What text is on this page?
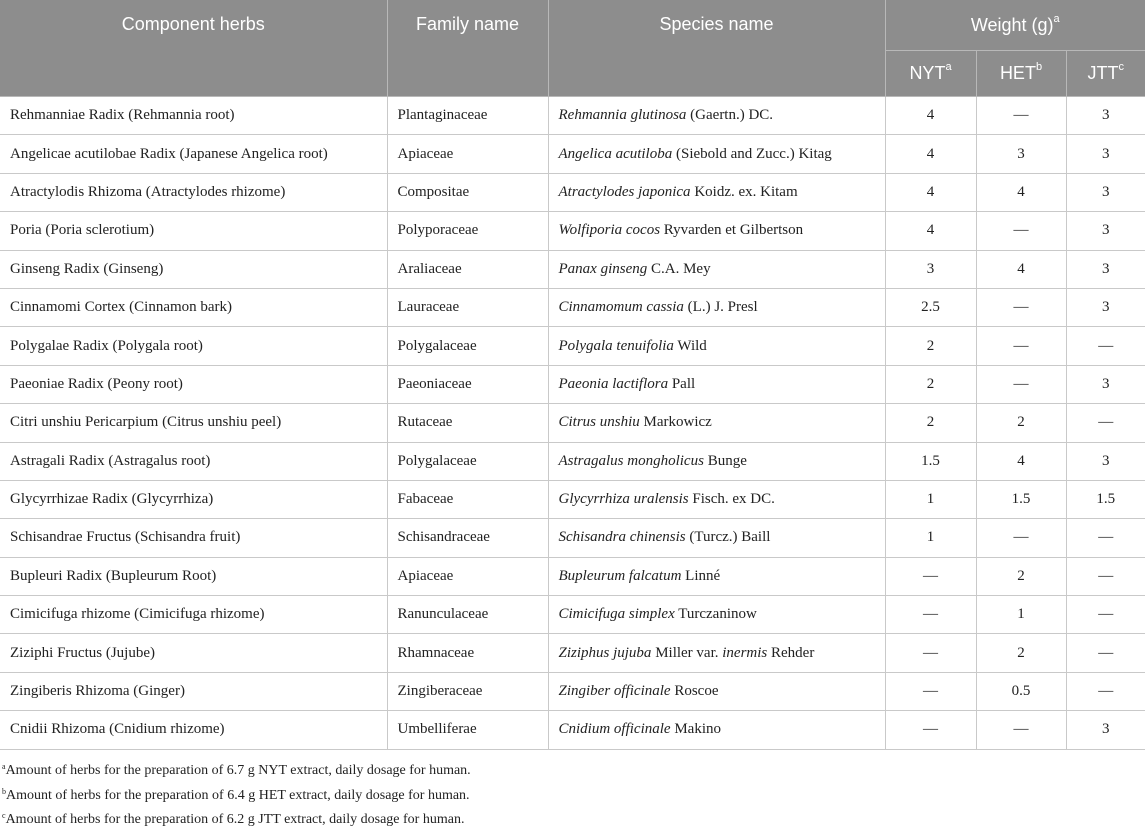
Component herbs	Family name	Species name	Weight $(g)^a$
			NYT$^a$	HET$^b$	JTT$^c$
Rehmanniae Radix (Rehmannia root)	Plantaginaceae	Rehmannia glutinosa (Gaertn.) DC.	4	—	3
Angelicae acutilobae Radix (Japanese Angelica root)	Apiaceae	Angelica acutiloba (Siebold and Zucc.) Kitag	4	3	3
Atractylodis Rhizoma (Atractylodes rhizome)	Compositae	Atractylodes japonica Koidz. ex. Kitam	4	4	3
Poria (Poria sclerotium)	Polyporaceae	Wolfiporia cocos Ryvarden et Gilbertson	4	—	3
Ginseng Radix (Ginseng)	Araliaceae	Panax ginseng C.A. Mey	3	4	3
Cinnamomi Cortex (Cinnamon bark)	Lauraceae	Cinnamomum cassia (L.) J. Presl	2.5	—	3
Polygalae Radix (Polygala root)	Polygalaceae	Polygala tenuifolia Wild	2	—	—
Paeoniae Radix (Peony root)	Paeoniaceae	Paeonia lactiflora Pall	2	—	3
Citri unshiu Pericarpium (Citrus unshiu peel)	Rutaceae	Citrus unshiu Markowicz	2	2	—
Astragali Radix (Astragalus root)	Polygalaceae	Astragalus mongholicus Bunge	1.5	4	3
Glycyrrhizae Radix (Glycyrrhiza)	Fabaceae	Glycyrrhiza uralensis Fisch. ex DC.	1	1.5	1.5
Schisandrae Fructus (Schisandra fruit)	Schisandraceae	Schisandra chinensis (Turcz.) Baill	1	—	—
Bupleuri Radix (Bupleurum Root)	Apiaceae	Bupleurum falcatum Linné	—	2	—
Cimicifuga rhizome (Cimicifuga rhizome)	Ranunculaceae	Cimicifuga simplex Turczaninow	—	1	—
Ziziphi Fructus (Jujube)	Rhamnaceae	Ziziphus jujuba Miller var. inermis Rehder	—	2	—
Zingiberis Rhizoma (Ginger)	Zingiberaceae	Zingiber officinale Roscoe	—	0.5	—
Cnidii Rhizoma (Cnidium rhizome)	Umbelliferae	Cnidium officinale Makino	—	—	3
$^a$Amount of herbs for the preparation of 6.7 g NYT extract, daily dosage for human.
$^b$Amount of herbs for the preparation of 6.4 g HET extract, daily dosage for human.
$^c$Amount of herbs for the preparation of 6.2 g JTT extract, daily dosage for human.
